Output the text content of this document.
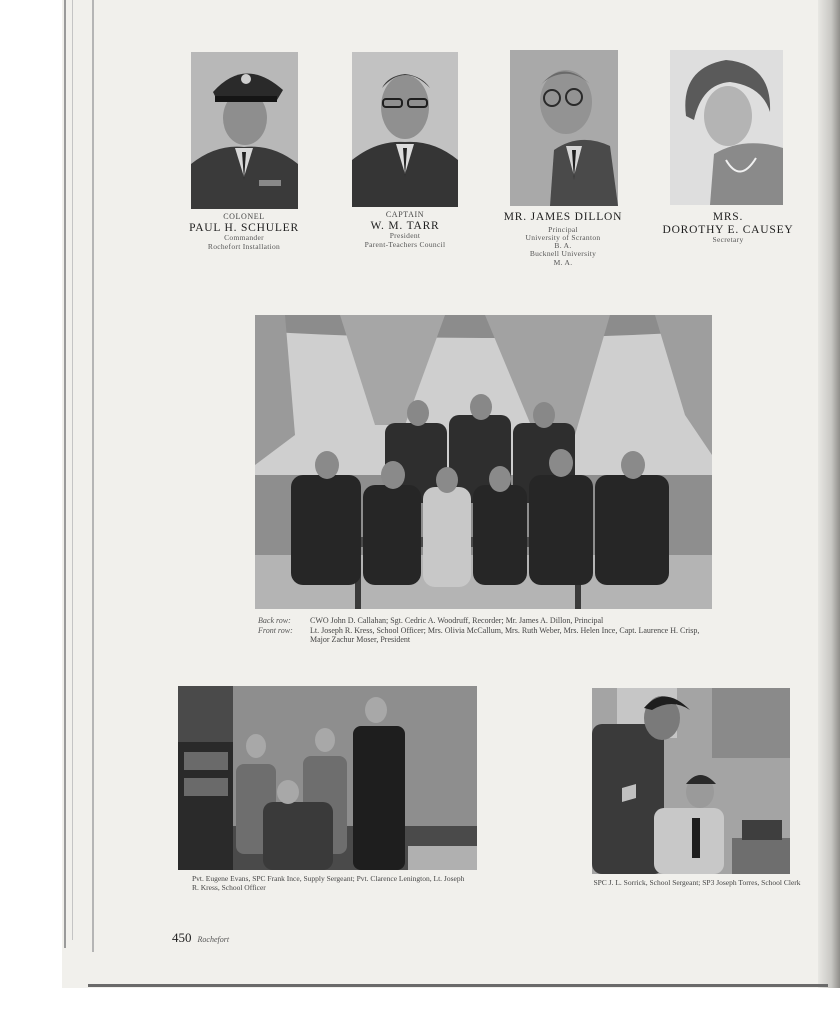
COLONEL
PAUL H. SCHULER
Commander
Rochefort Installation
CAPTAIN
W. M. TARR
President
Parent-Teachers Council
MR. JAMES DILLON
Principal
University of Scranton
B. A.
Bucknell University
M. A.
MRS.
DOROTHY E. CAUSEY
Secretary
Back row:	CWO John D. Callahan; Sgt. Cedric A. Woodruff, Recorder; Mr. James A. Dillon, Principal
Front row:	Lt. Joseph R. Kress, School Officer; Mrs. Olivia McCallum, Mrs. Ruth Weber, Mrs. Helen Ince, Capt. Laurence H. Crisp, Major Zachur Moser, President
Pvt. Eugene Evans, SPC Frank Ince, Supply Sergeant; Pvt. Clarence Lenington, Lt. Joseph R. Kress, School Officer
SPC J. L. Sorrick, School Sergeant; SP3 Joseph Torres, School Clerk
450 Rochefort
